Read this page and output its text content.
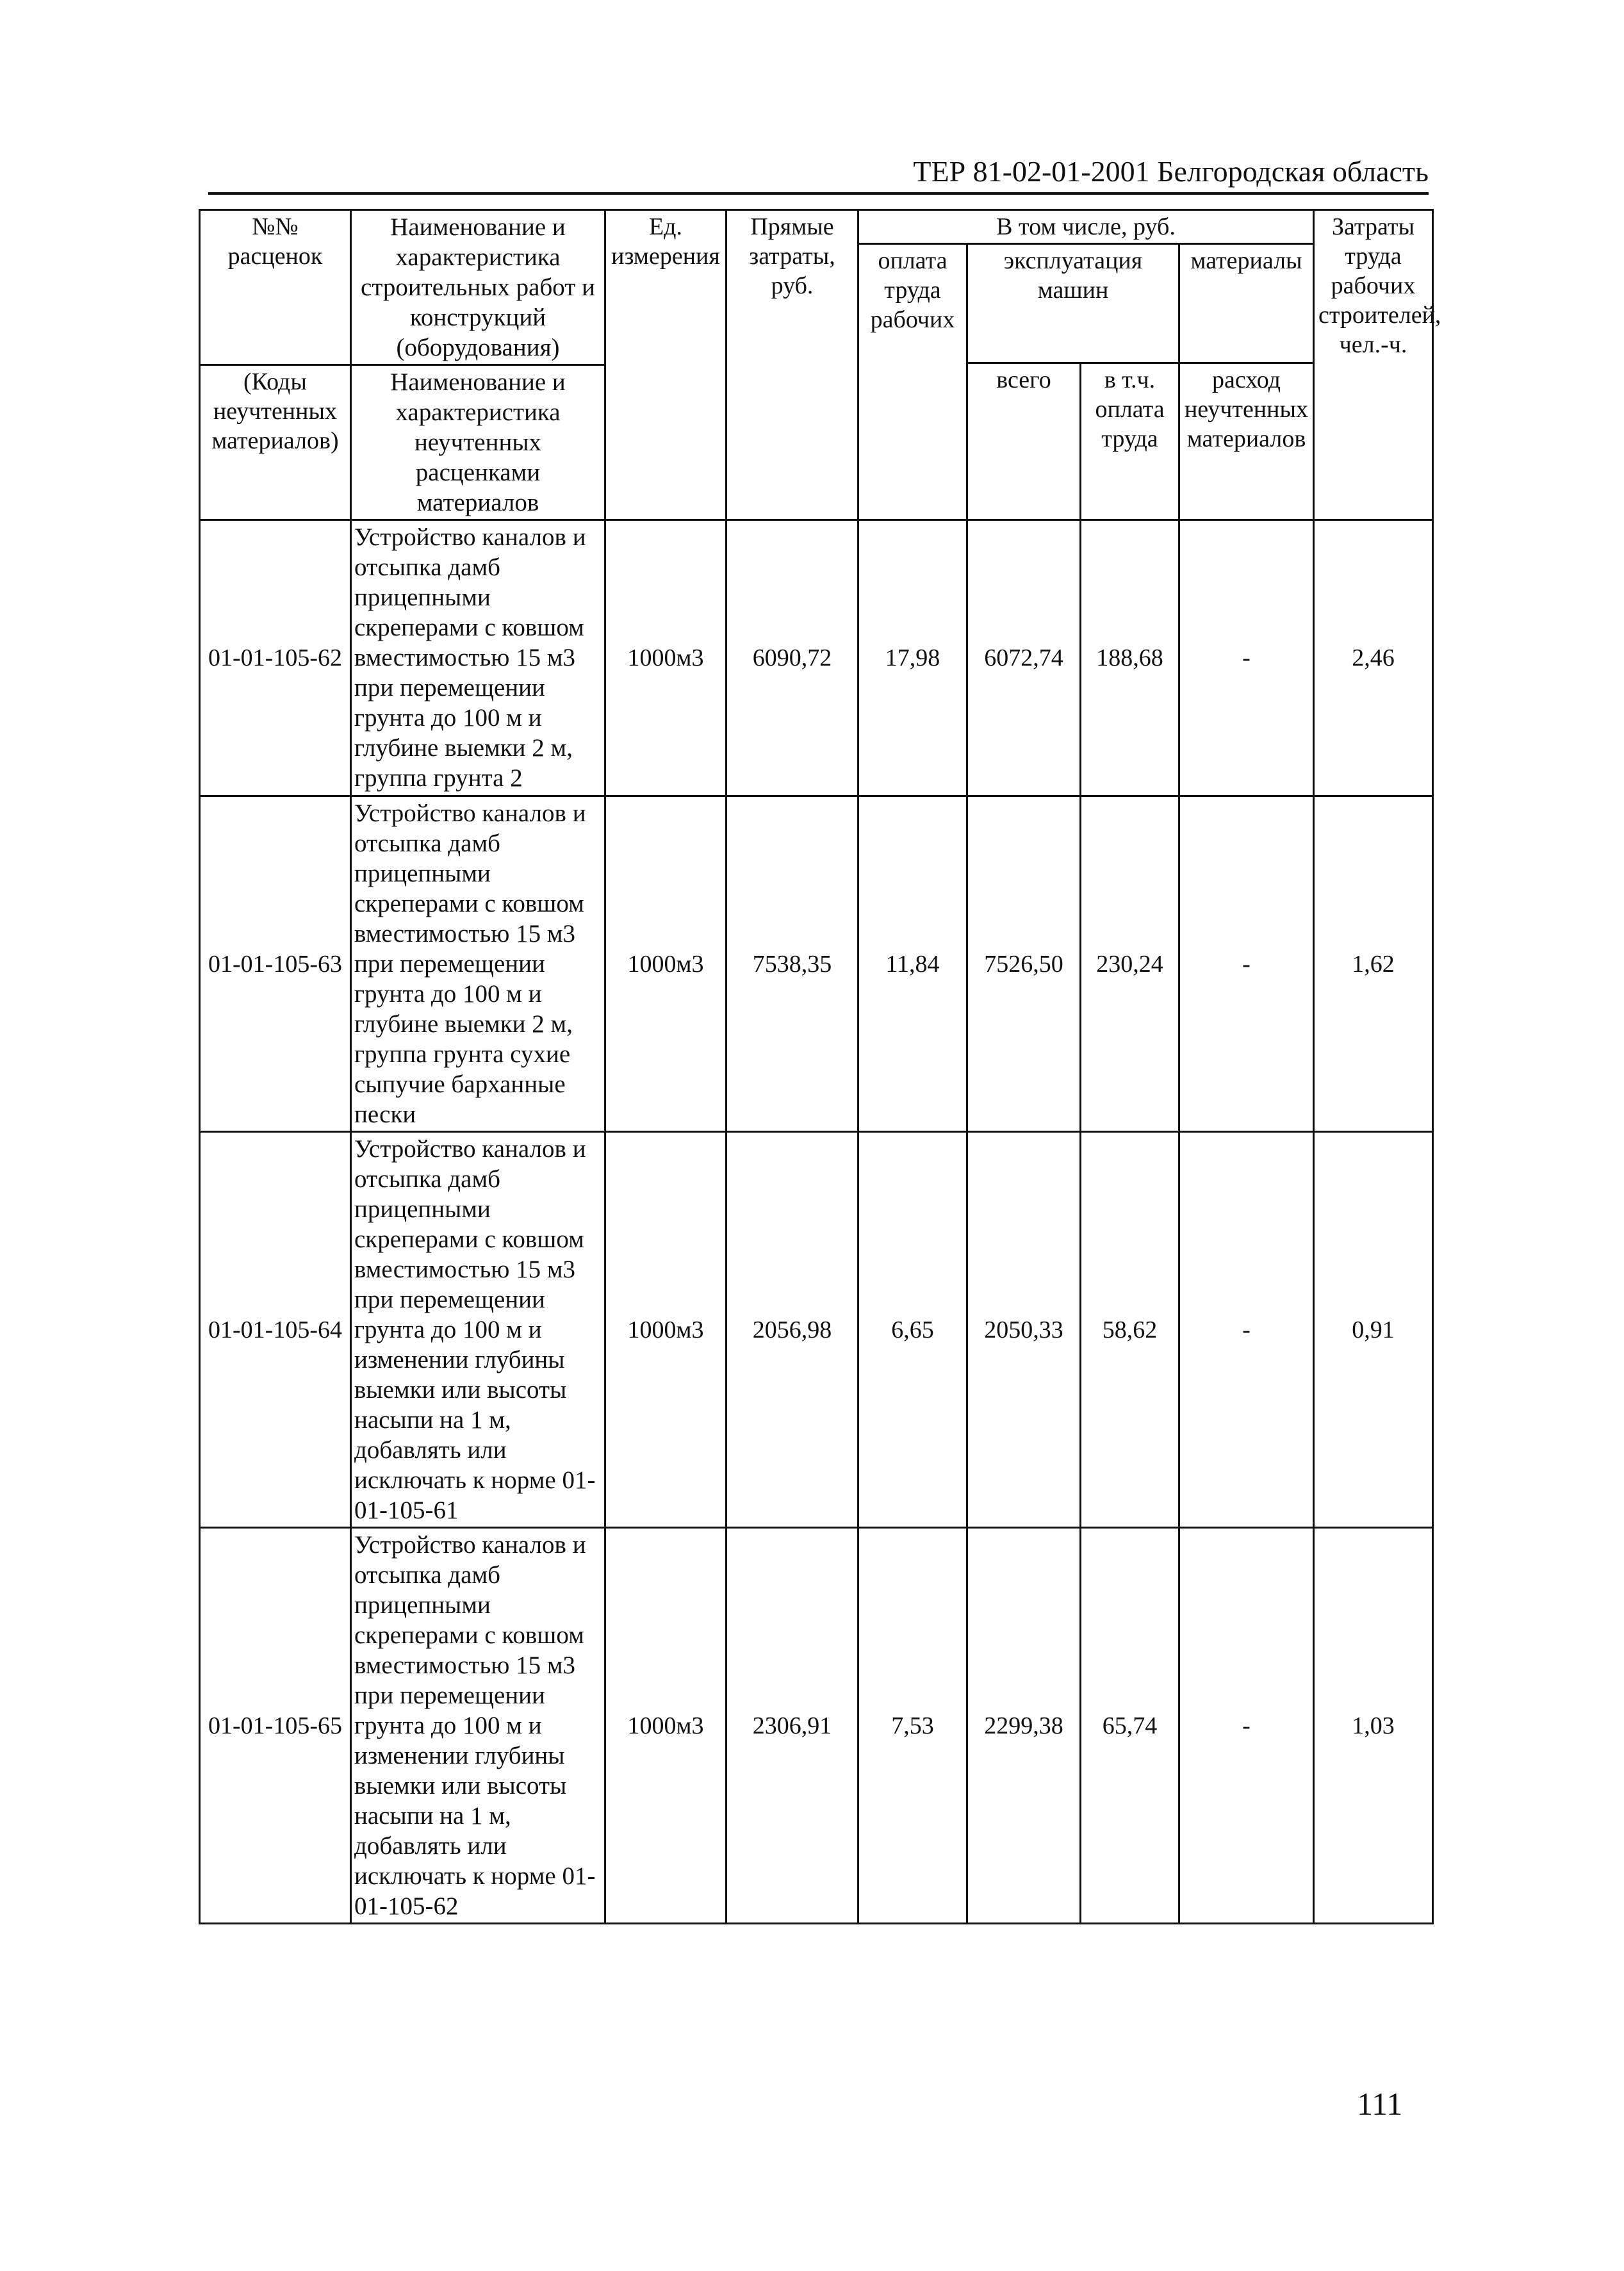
ТЕР 81-02-01-2001 Белгородская область
№№ расценок	Наименование и характеристика строительных работ и конструкций (оборудования)	Ед. измерения	Прямые затраты, руб.	В том числе, руб.				Затраты труда рабочих строителей, чел.-ч.
				оплата труда рабочих	эксплуатация машин		материалы	
					всего	в т.ч. оплата труда	расход неучтенных материалов	
(Коды неучтенных материалов)	Наименование и характеристика неучтенных расценками материалов							
01-01-105-62	Устройство каналов и отсыпка дамб прицепными скреперами с ковшом вместимостью 15 м3 при перемещении грунта до 100 м и глубине выемки 2 м, группа грунта 2	1000м3	6090,72	17,98	6072,74	188,68	-	2,46
01-01-105-63	Устройство каналов и отсыпка дамб прицепными скреперами с ковшом вместимостью 15 м3 при перемещении грунта до 100 м и глубине выемки 2 м, группа грунта сухие сыпучие барханные пески	1000м3	7538,35	11,84	7526,50	230,24	-	1,62
01-01-105-64	Устройство каналов и отсыпка дамб прицепными скреперами с ковшом вместимостью 15 м3 при перемещении грунта до 100 м и изменении глубины выемки или высоты насыпи на 1 м, добавлять или исключать к норме 01-01-105-61	1000м3	2056,98	6,65	2050,33	58,62	-	0,91
01-01-105-65	Устройство каналов и отсыпка дамб прицепными скреперами с ковшом вместимостью 15 м3 при перемещении грунта до 100 м и изменении глубины выемки или высоты насыпи на 1 м, добавлять или исключать к норме 01-01-105-62	1000м3	2306,91	7,53	2299,38	65,74	-	1,03
111
